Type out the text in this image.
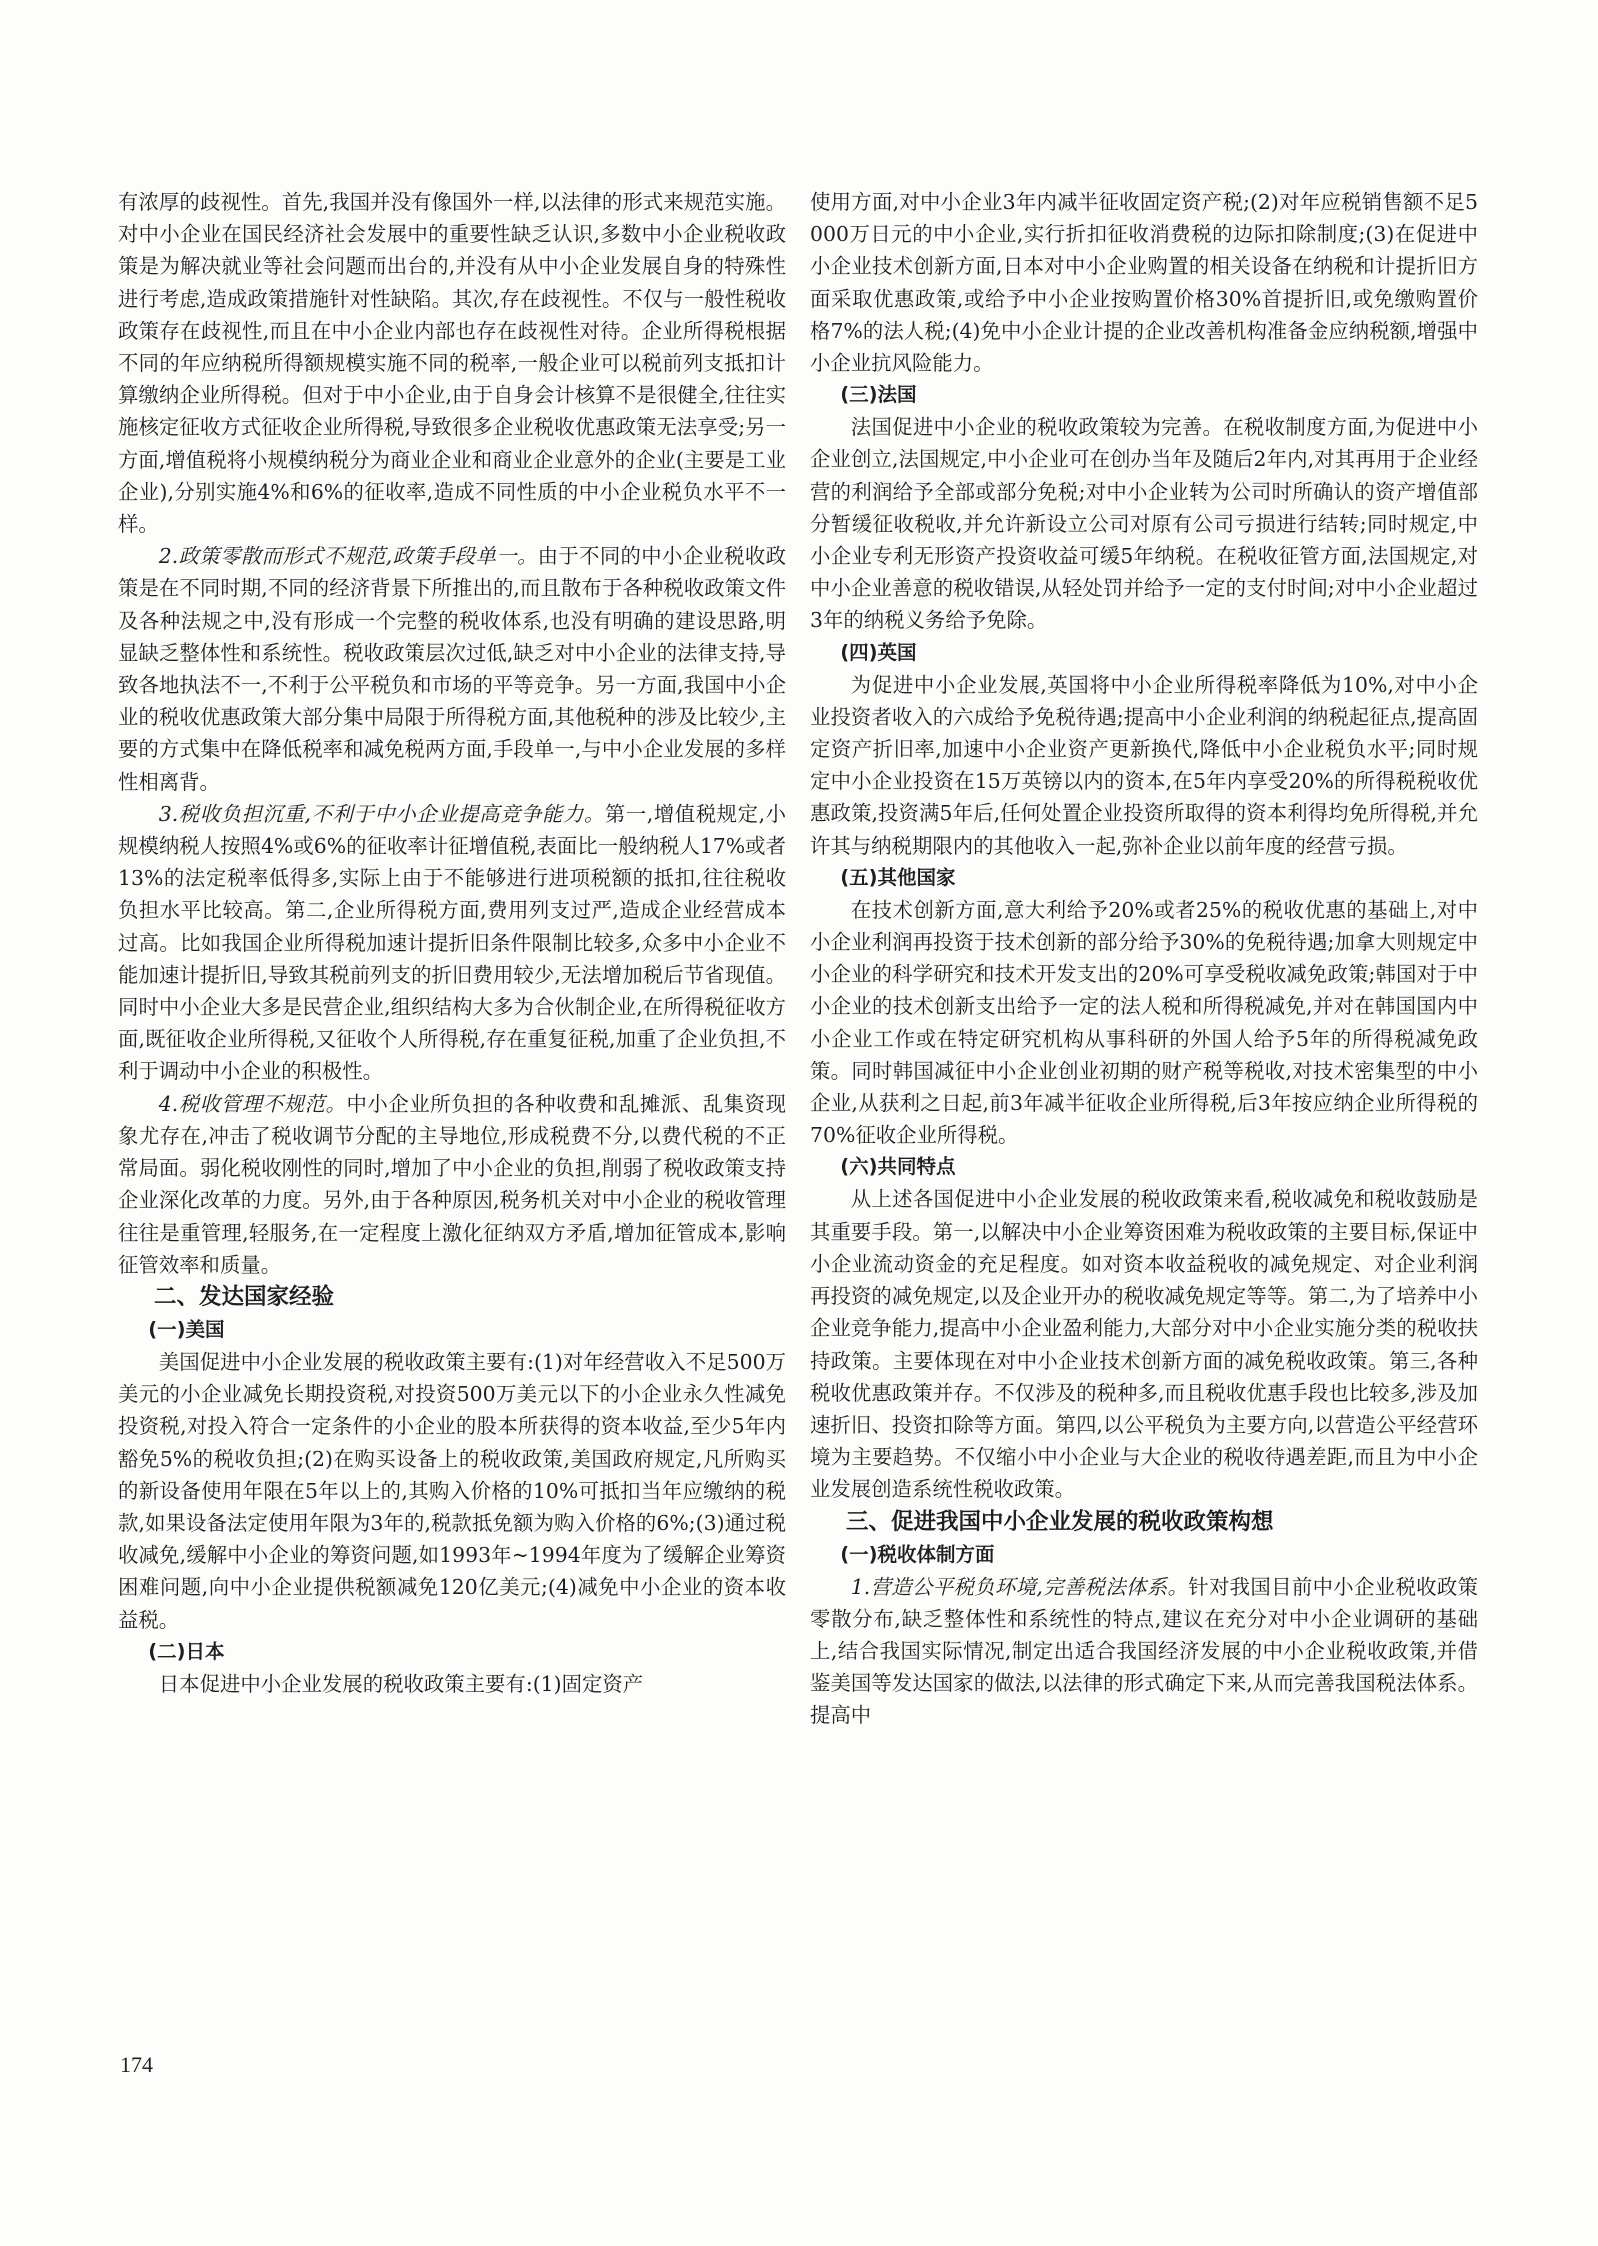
有浓厚的歧视性。首先,我国并没有像国外一样,以法律的形式来规范实施。对中小企业在国民经济社会发展中的重要性缺乏认识,多数中小企业税收政策是为解决就业等社会问题而出台的,并没有从中小企业发展自身的特殊性进行考虑,造成政策措施针对性缺陷。其次,存在歧视性。不仅与一般性税收政策存在歧视性,而且在中小企业内部也存在歧视性对待。企业所得税根据不同的年应纳税所得额规模实施不同的税率,一般企业可以税前列支抵扣计算缴纳企业所得税。但对于中小企业,由于自身会计核算不是很健全,往往实施核定征收方式征收企业所得税,导致很多企业税收优惠政策无法享受;另一方面,增值税将小规模纳税分为商业企业和商业企业意外的企业(主要是工业企业),分别实施4%和6%的征收率,造成不同性质的中小企业税负水平不一样。

2.政策零散而形式不规范,政策手段单一。由于不同的中小企业税收政策是在不同时期,不同的经济背景下所推出的,而且散布于各种税收政策文件及各种法规之中,没有形成一个完整的税收体系,也没有明确的建设思路,明显缺乏整体性和系统性。税收政策层次过低,缺乏对中小企业的法律支持,导致各地执法不一,不利于公平税负和市场的平等竞争。另一方面,我国中小企业的税收优惠政策大部分集中局限于所得税方面,其他税种的涉及比较少,主要的方式集中在降低税率和减免税两方面,手段单一,与中小企业发展的多样性相离背。

3.税收负担沉重,不利于中小企业提高竞争能力。第一,增值税规定,小规模纳税人按照4%或6%的征收率计征增值税,表面比一般纳税人17%或者13%的法定税率低得多,实际上由于不能够进行进项税额的抵扣,往往税收负担水平比较高。第二,企业所得税方面,费用列支过严,造成企业经营成本过高。比如我国企业所得税加速计提折旧条件限制比较多,众多中小企业不能加速计提折旧,导致其税前列支的折旧费用较少,无法增加税后节省现值。同时中小企业大多是民营企业,组织结构大多为合伙制企业,在所得税征收方面,既征收企业所得税,又征收个人所得税,存在重复征税,加重了企业负担,不利于调动中小企业的积极性。

4.税收管理不规范。中小企业所负担的各种收费和乱摊派、乱集资现象尤存在,冲击了税收调节分配的主导地位,形成税费不分,以费代税的不正常局面。弱化税收刚性的同时,增加了中小企业的负担,削弱了税收政策支持企业深化改革的力度。另外,由于各种原因,税务机关对中小企业的税收管理往往是重管理,轻服务,在一定程度上激化征纳双方矛盾,增加征管成本,影响征管效率和质量。

二、发达国家经验
(一)美国

美国促进中小企业发展的税收政策主要有:(1)对年经营收入不足500万美元的小企业减免长期投资税,对投资500万美元以下的小企业永久性减免投资税,对投入符合一定条件的小企业的股本所获得的资本收益,至少5年内豁免5%的税收负担;(2)在购买设备上的税收政策,美国政府规定,凡所购买的新设备使用年限在5年以上的,其购入价格的10%可抵扣当年应缴纳的税款,如果设备法定使用年限为3年的,税款抵免额为购入价格的6%;(3)通过税收减免,缓解中小企业的筹资问题,如1993年~1994年度为了缓解企业筹资困难问题,向中小企业提供税额减免120亿美元;(4)减免中小企业的资本收益税。

(二)日本

日本促进中小企业发展的税收政策主要有:(1)固定资产

使用方面,对中小企业3年内减半征收固定资产税;(2)对年应税销售额不足5 000万日元的中小企业,实行折扣征收消费税的边际扣除制度;(3)在促进中小企业技术创新方面,日本对中小企业购置的相关设备在纳税和计提折旧方面采取优惠政策,或给予中小企业按购置价格30%首提折旧,或免缴购置价格7%的法人税;(4)免中小企业计提的企业改善机构准备金应纳税额,增强中小企业抗风险能力。

(三)法国

法国促进中小企业的税收政策较为完善。在税收制度方面,为促进中小企业创立,法国规定,中小企业可在创办当年及随后2年内,对其再用于企业经营的利润给予全部或部分免税;对中小企业转为公司时所确认的资产增值部分暂缓征收税收,并允许新设立公司对原有公司亏损进行结转;同时规定,中小企业专利无形资产投资收益可缓5年纳税。在税收征管方面,法国规定,对中小企业善意的税收错误,从轻处罚并给予一定的支付时间;对中小企业超过3年的纳税义务给予免除。

(四)英国

为促进中小企业发展,英国将中小企业所得税率降低为10%,对中小企业投资者收入的六成给予免税待遇;提高中小企业利润的纳税起征点,提高固定资产折旧率,加速中小企业资产更新换代,降低中小企业税负水平;同时规定中小企业投资在15万英镑以内的资本,在5年内享受20%的所得税税收优惠政策,投资满5年后,任何处置企业投资所取得的资本利得均免所得税,并允许其与纳税期限内的其他收入一起,弥补企业以前年度的经营亏损。

(五)其他国家

在技术创新方面,意大利给予20%或者25%的税收优惠的基础上,对中小企业利润再投资于技术创新的部分给予30%的免税待遇;加拿大则规定中小企业的科学研究和技术开发支出的20%可享受税收减免政策;韩国对于中小企业的技术创新支出给予一定的法人税和所得税减免,并对在韩国国内中小企业工作或在特定研究机构从事科研的外国人给予5年的所得税减免政策。同时韩国减征中小企业创业初期的财产税等税收,对技术密集型的中小企业,从获利之日起,前3年减半征收企业所得税,后3年按应纳企业所得税的70%征收企业所得税。

(六)共同特点

从上述各国促进中小企业发展的税收政策来看,税收减免和税收鼓励是其重要手段。第一,以解决中小企业筹资困难为税收政策的主要目标,保证中小企业流动资金的充足程度。如对资本收益税收的减免规定、对企业利润再投资的减免规定,以及企业开办的税收减免规定等等。第二,为了培养中小企业竞争能力,提高中小企业盈利能力,大部分对中小企业实施分类的税收扶持政策。主要体现在对中小企业技术创新方面的减免税收政策。第三,各种税收优惠政策并存。不仅涉及的税种多,而且税收优惠手段也比较多,涉及加速折旧、投资扣除等方面。第四,以公平税负为主要方向,以营造公平经营环境为主要趋势。不仅缩小中小企业与大企业的税收待遇差距,而且为中小企业发展创造系统性税收政策。

三、促进我国中小企业发展的税收政策构想
(一)税收体制方面

1.营造公平税负环境,完善税法体系。针对我国目前中小企业税收政策零散分布,缺乏整体性和系统性的特点,建议在充分对中小企业调研的基础上,结合我国实际情况,制定出适合我国经济发展的中小企业税收政策,并借鉴美国等发达国家的做法,以法律的形式确定下来,从而完善我国税法体系。提高中

174
